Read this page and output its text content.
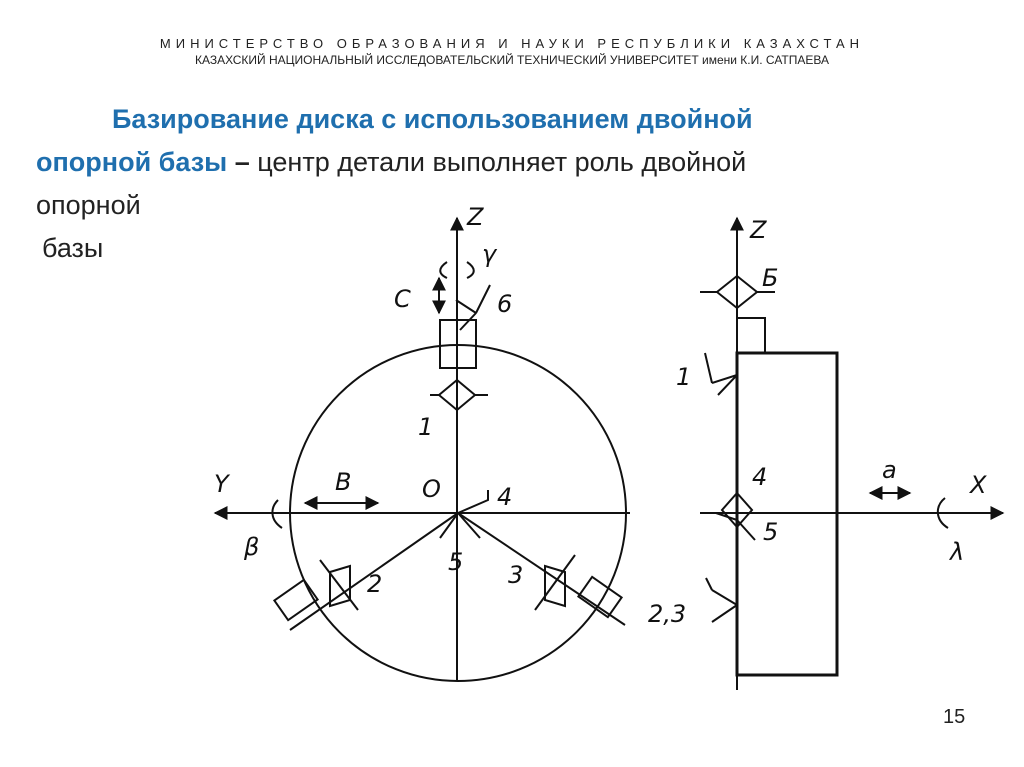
МИНИСТЕРСТВО ОБРАЗОВАНИЯ И НАУКИ РЕСПУБЛИКИ КАЗАХСТАН
КАЗАХСКИЙ НАЦИОНАЛЬНЫЙ ИССЛЕДОВАТЕЛЬСКИЙ ТЕХНИЧЕСКИЙ УНИВЕРСИТЕТ имени К.И. САТПАЕВА
Базирование диска с использованием двойной
опорной базы – центр детали выполняет роль двойной
опорной
базы
Z
γ
C	6
1
Y	В
β
O 4
5
2	3
Z
Б
1
4
5
2,3
a
X
λ
15
